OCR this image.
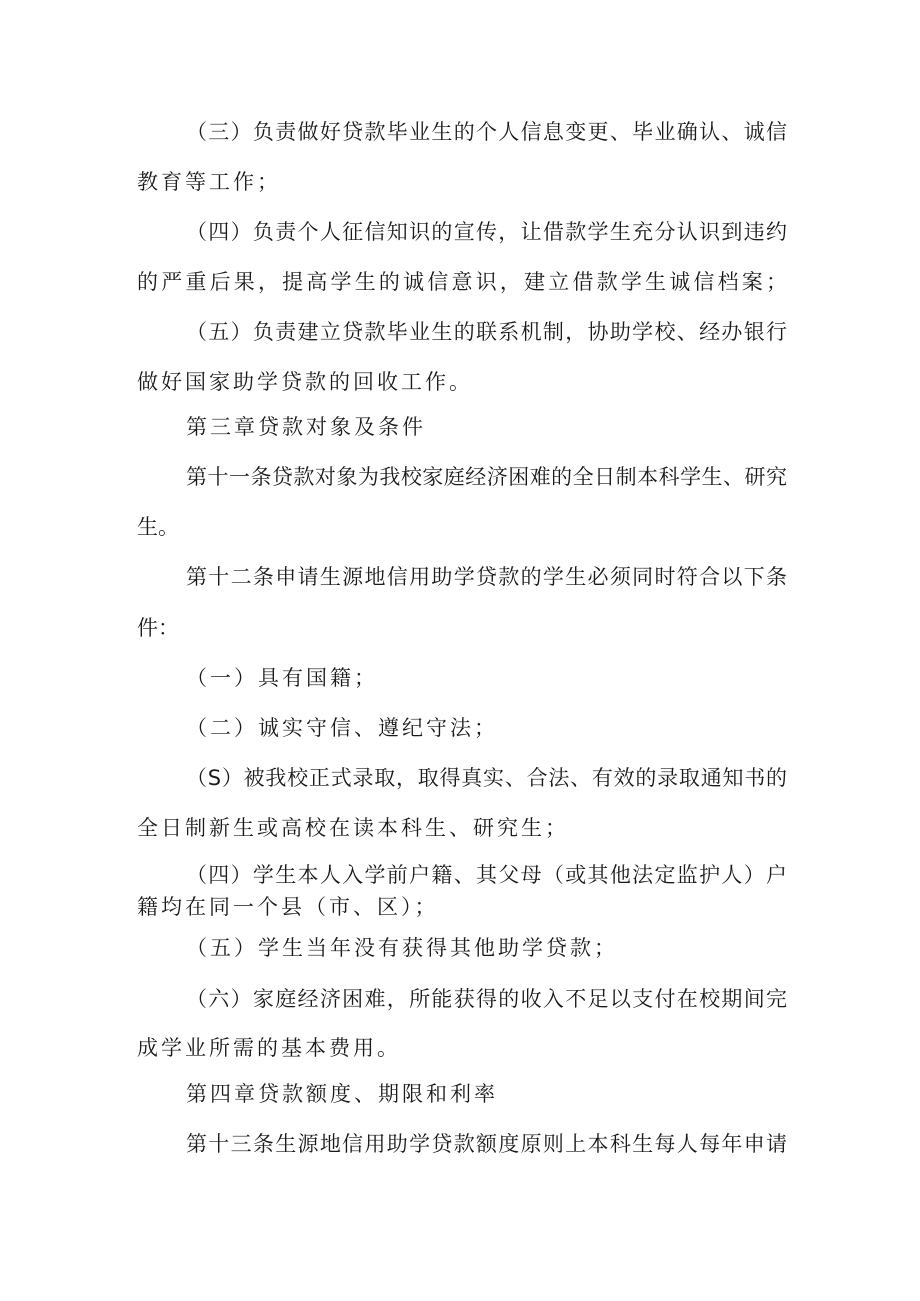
（三）负责做好贷款毕业生的个人信息变更、毕业确认、诚信

教育等工作；

（四）负责个人征信知识的宣传，让借款学生充分认识到违约

的严重后果，提高学生的诚信意识，建立借款学生诚信档案；

（五）负责建立贷款毕业生的联系机制，协助学校、经办银行

做好国家助学贷款的回收工作。

第三章贷款对象及条件

第十一条贷款对象为我校家庭经济困难的全日制本科学生、研究

生。

第十二条申请生源地信用助学贷款的学生必须同时符合以下条

件：

（一）具有国籍；

（二）诚实守信、遵纪守法；

（S）被我校正式录取，取得真实、合法、有效的录取通知书的

全日制新生或高校在读本科生、研究生；

（四）学生本人入学前户籍、其父母（或其他法定监护人）户

籍均在同一个县（市、区）；

（五）学生当年没有获得其他助学贷款；

（六）家庭经济困难，所能获得的收入不足以支付在校期间完

成学业所需的基本费用。

第四章贷款额度、期限和利率

第十三条生源地信用助学贷款额度原则上本科生每人每年申请
